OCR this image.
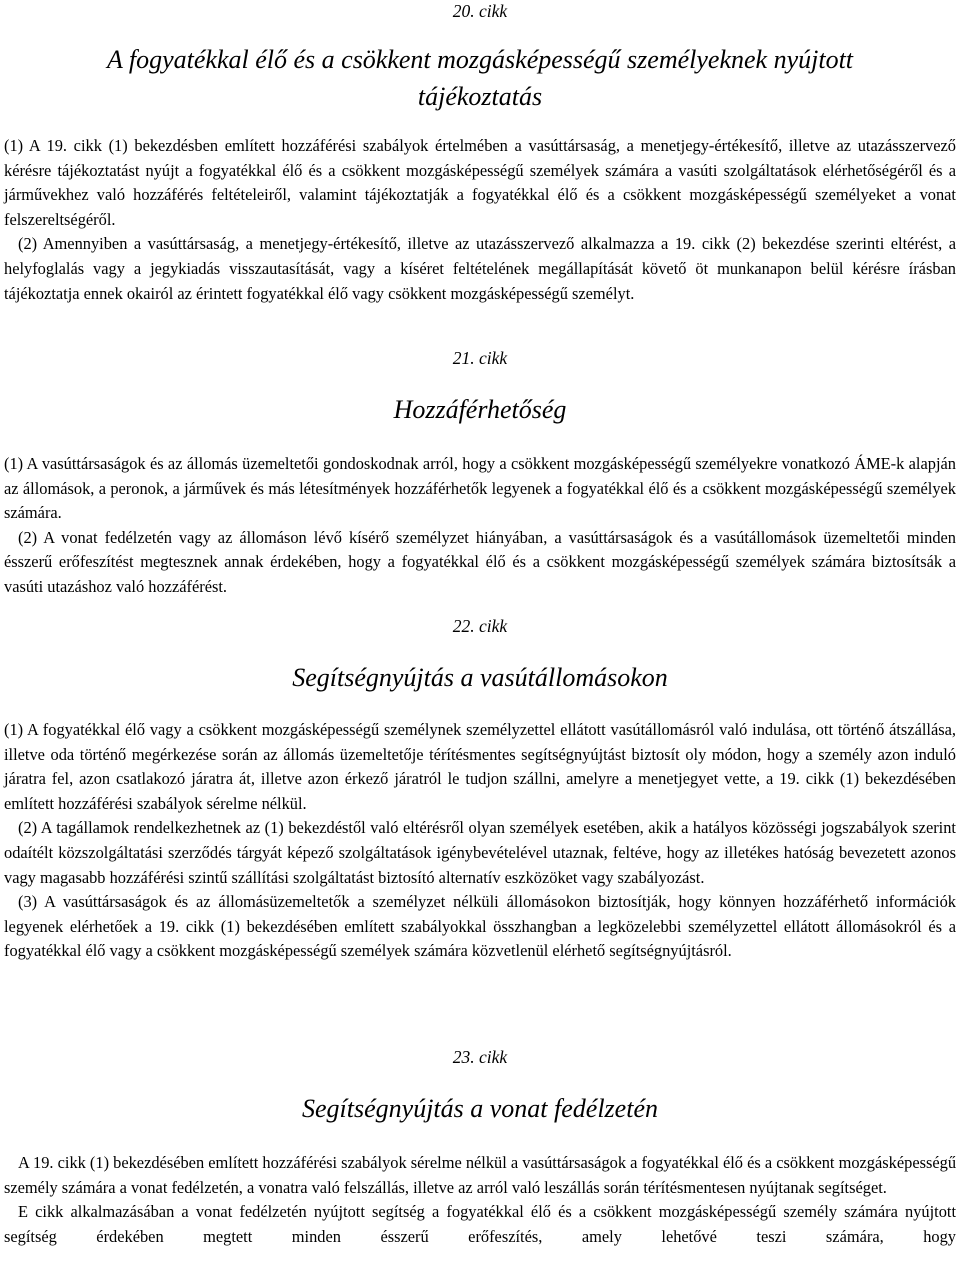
20. cikk
A fogyatékkal élő és a csökkent mozgásképességű személyeknek nyújtott
tájékoztatás

(1) A 19. cikk (1) bekezdésben említett hozzáférési szabályok értelmében a vasúttársaság, a menetjegy-értékesítő, illetve az utazásszervező kérésre tájékoztatást nyújt a fogyatékkal élő és a csökkent mozgásképességű személyek számára a vasúti szolgáltatások elérhetőségéről és a járművekhez való hozzáférés feltételeiről, valamint tájékoztatják a fogyatékkal élő és a csökkent mozgásképességű személyeket a vonat felszereltségéről.

(2) Amennyiben a vasúttársaság, a menetjegy-értékesítő, illetve az utazásszervező alkalmazza a 19. cikk (2) bekezdése szerinti eltérést, a helyfoglalás vagy a jegykiadás visszautasítását, vagy a kíséret feltételének megállapítását követő öt munkanapon belül kérésre írásban tájékoztatja ennek okairól az érintett fogyatékkal élő vagy csökkent mozgásképességű személyt.

21. cikk
Hozzáférhetőség

(1) A vasúttársaságok és az állomás üzemeltetői gondoskodnak arról, hogy a csökkent mozgásképességű személyekre vonatkozó ÁME-k alapján az állomások, a peronok, a járművek és más létesítmények hozzáférhetők legyenek a fogyatékkal élő és a csökkent mozgásképességű személyek számára.

(2) A vonat fedélzetén vagy az állomáson lévő kísérő személyzet hiányában, a vasúttársaságok és a vasútállomások üzemeltetői minden ésszerű erőfeszítést megtesznek annak érdekében, hogy a fogyatékkal élő és a csökkent mozgásképességű személyek számára biztosítsák a vasúti utazáshoz való hozzáférést.

22. cikk
Segítségnyújtás a vasútállomásokon

(1) A fogyatékkal élő vagy a csökkent mozgásképességű személynek személyzettel ellátott vasútállomásról való indulása, ott történő átszállása, illetve oda történő megérkezése során az állomás üzemeltetője térítésmentes segítségnyújtást biztosít oly módon, hogy a személy azon induló járatra fel, azon csatlakozó járatra át, illetve azon érkező járatról le tudjon szállni, amelyre a menetjegyet vette, a 19. cikk (1) bekezdésében említett hozzáférési szabályok sérelme nélkül.

(2) A tagállamok rendelkezhetnek az (1) bekezdéstől való eltérésről olyan személyek esetében, akik a hatályos közösségi jogszabályok szerint odaítélt közszolgáltatási szerződés tárgyát képező szolgáltatások igénybevételével utaznak, feltéve, hogy az illetékes hatóság bevezetett azonos vagy magasabb hozzáférési szintű szállítási szolgáltatást biztosító alternatív eszközöket vagy szabályozást.

(3) A vasúttársaságok és az állomásüzemeltetők a személyzet nélküli állomásokon biztosítják, hogy könnyen hozzáférhető információk legyenek elérhetőek a 19. cikk (1) bekezdésében említett szabályokkal összhangban a legközelebbi személyzettel ellátott állomásokról és a fogyatékkal élő vagy a csökkent mozgásképességű személyek számára közvetlenül elérhető segítségnyújtásról.

23. cikk
Segítségnyújtás a vonat fedélzetén

A 19. cikk (1) bekezdésében említett hozzáférési szabályok sérelme nélkül a vasúttársaságok a fogyatékkal élő és a csökkent mozgásképességű személy számára a vonat fedélzetén, a vonatra való felszállás, illetve az arról való leszállás során térítésmentesen nyújtanak segítséget.

E cikk alkalmazásában a vonat fedélzetén nyújtott segítség a fogyatékkal élő és a csökkent mozgásképességű személy számára nyújtott segítség érdekében megtett minden ésszerű erőfeszítés, amely lehetővé teszi számára, hogy
